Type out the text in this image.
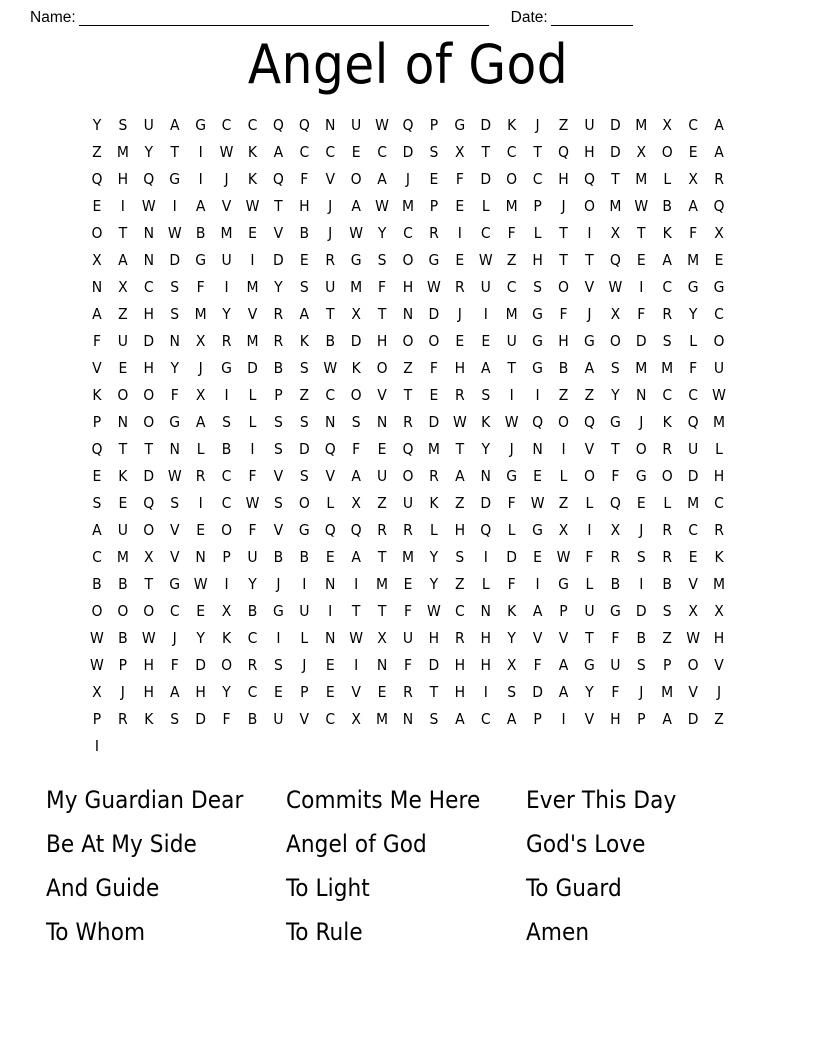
Name:	Date:
Angel of God
Y	S	U	A	G	C	C	Q Q N	U W Q	P	G D	K	J	Z	U D M X	C	A
Z M	Y	T	I	W K	A	C	C	E	C	D	S	X	T	C	T	Q H D	X	O	E	A
Q H Q G	I	J	K	Q	F	V	O	A	J	E	F	D O	C	H Q	T	M	L	X	R
E	I	W	I	A	V W T	H	J	A W M	P	E	L	M	P	J	O M W B	A	Q
O	T	N W B M E	V	B	J	W Y	C	R	I	C	F	L	T	I	X	T	K	F	X
X	A	N D G U	I	D	E	R	G	S	O G	E W Z	H	T	T	Q	E	A M E
N	X	C	S	F	I	M	Y	S	U M	F	H W R	U	C	S	O	V W	I	C	G G
A	Z	H	S M	Y	V	R	A	T	X	T	N D	J	I	M G	F	J	X	F	R	Y	C
F	U D N	X	R M R	K	B	D H O O	E	E	U G H G O D	S	L	O
V	E	H	Y	J	G D	B	S W K	O	Z	F	H	A	T	G	B	A	S M M	F	U
K	O O	F	X	I	L	P	Z	C	O	V	T	E	R	S	I	I	Z	Z	Y	N	C	C W
P	N O G	A	S	L	S	S	N	S	N	R	D W K W Q O Q G	J	K	Q M
Q	T	T	N	L	B	I	S	D Q	F	E	Q M	T	Y	J	N	I	V	T	O	R	U	L
E	K	D W R	C	F	V	S	V	A	U O	R	A	N G	E	L	O	F	G O D H
S	E	Q	S	I	C W S	O	L	X	Z	U	K	Z	D	F W Z	L	Q	E	L	M C
A	U O	V	E	O	F	V	G Q Q	R	R	L	H Q	L	G	X	I	X	J	R	C	R
C M X	V	N	P	U	B	B	E	A	T	M	Y	S	I	D	E W F	R	S	R	E	K
B	B	T	G W	I	Y	J	I	N	I	M E	Y	Z	L	F	I	G	L	B	I	B	V M
O O O	C	E	X	B	G U	I	T	T	F W C	N	K	A	P	U G D	S	X	X
W B W	J	Y	K	C	I	L	N W X	U	H	R	H	Y	V	V	T	F	B	Z W H
W P	H	F	D O	R	S	J	E	I	N	F	D H H	X	F	A	G U	S	P	O	V
X	J	H	A	H	Y	C	E	P	E	V	E	R	T	H	I	S	D	A	Y	F	J	M V	J
P	R	K	S	D	F	B	U	V	C	X M N	S	A	C	A	P	I	V	H	P	A	D	Z
I
My Guardian Dear	Commits Me Here	Ever This Day
Be At My Side	Angel of God	God's Love
And Guide	To Light	To Guard
To Whom	To Rule	Amen
